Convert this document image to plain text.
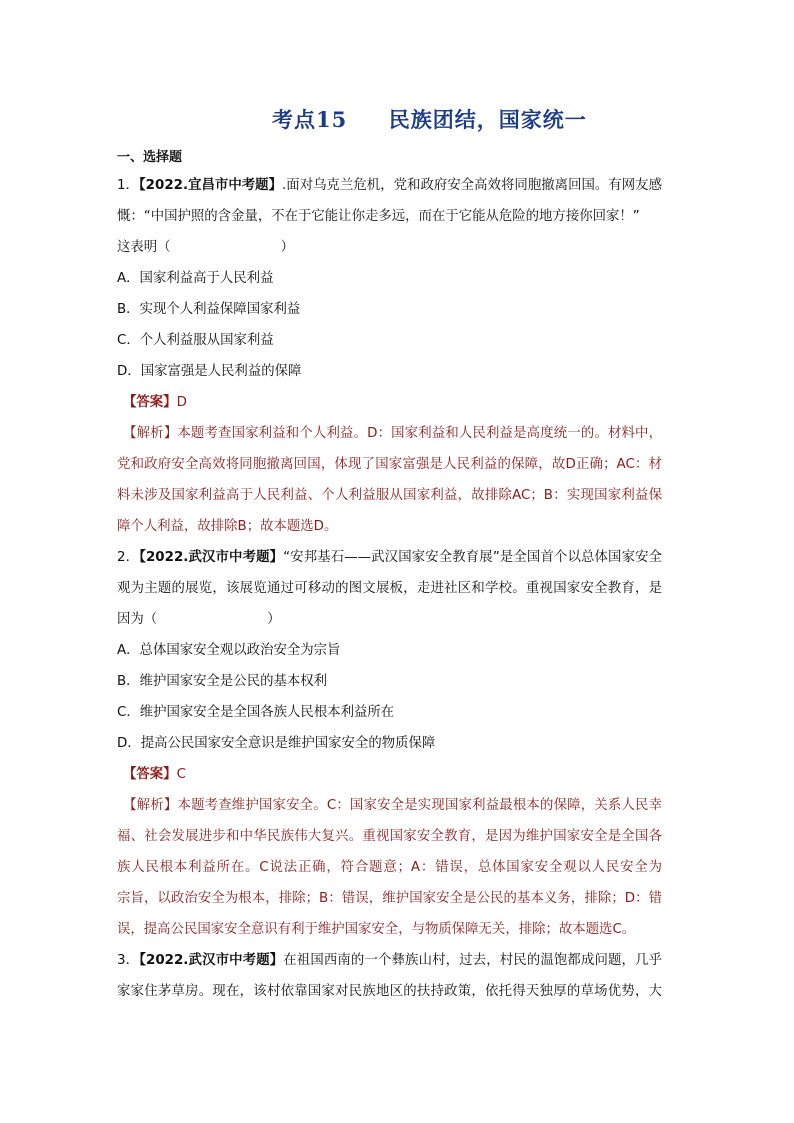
考点15     民族团结，国家统一
一、选择题
1．【2022.宜昌市中考题】.面对乌克兰危机，党和政府安全高效将同胞撤离回国。有网友感
慨：“中国护照的含金量，不在于它能让你走多远，而在于它能从危险的地方接你回家！”
这表明（	）
A．国家利益高于人民利益
B．实现个人利益保障国家利益
C．个人利益服从国家利益
D．国家富强是人民利益的保障
【答案】D
【解析】本题考查国家利益和个人利益。D：国家利益和人民利益是高度统一的。材料中，
党和政府安全高效将同胞撤离回国，体现了国家富强是人民利益的保障，故D正确；AC：材
料未涉及国家利益高于人民利益、个人利益服从国家利益，故排除AC；B：实现国家利益保
障个人利益，故排除B；故本题选D。
2．【2022.武汉市中考题】“安邦基石——武汉国家安全教育展”是全国首个以总体国家安全
观为主题的展览，该展览通过可移动的图文展板，走进社区和学校。重视国家安全教育，是
因为（	）
A．总体国家安全观以政治安全为宗旨
B．维护国家安全是公民的基本权利
C．维护国家安全是全国各族人民根本利益所在
D．提高公民国家安全意识是维护国家安全的物质保障
【答案】C
【解析】本题考查维护国家安全。C：国家安全是实现国家利益最根本的保障，关系人民幸
福、社会发展进步和中华民族伟大复兴。重视国家安全教育，是因为维护国家安全是全国各
族人民根本利益所在。C说法正确，符合题意；A：错误，总体国家安全观以人民安全为
宗旨，以政治安全为根本，排除；B：错误，维护国家安全是公民的基本义务，排除；D：错
误，提高公民国家安全意识有利于维护国家安全，与物质保障无关，排除；故本题选C。
3．【2022.武汉市中考题】在祖国西南的一个彝族山村，过去，村民的温饱都成问题，几乎
家家住茅草房。现在，该村依靠国家对民族地区的扶持政策，依托得天独厚的草场优势，大
